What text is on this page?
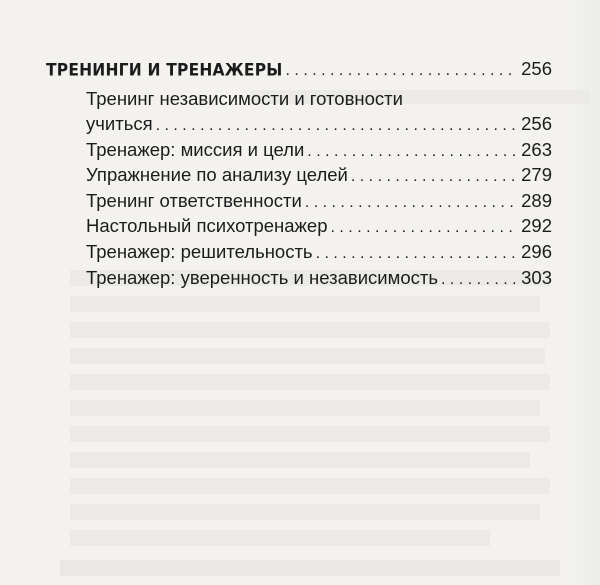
ТРЕНИНГИ И ТРЕНАЖЕРЫ . . .	256
Тренинг независимости и готовности
учиться . . .	256
Тренажер: миссия и цели . . .	263
Упражнение по анализу целей . . .	279
Тренинг ответственности . . .	289
Настольный психотренажер . . .	292
Тренажер: решительность . . .	296
Тренажер: уверенность и независимость . . .	303
